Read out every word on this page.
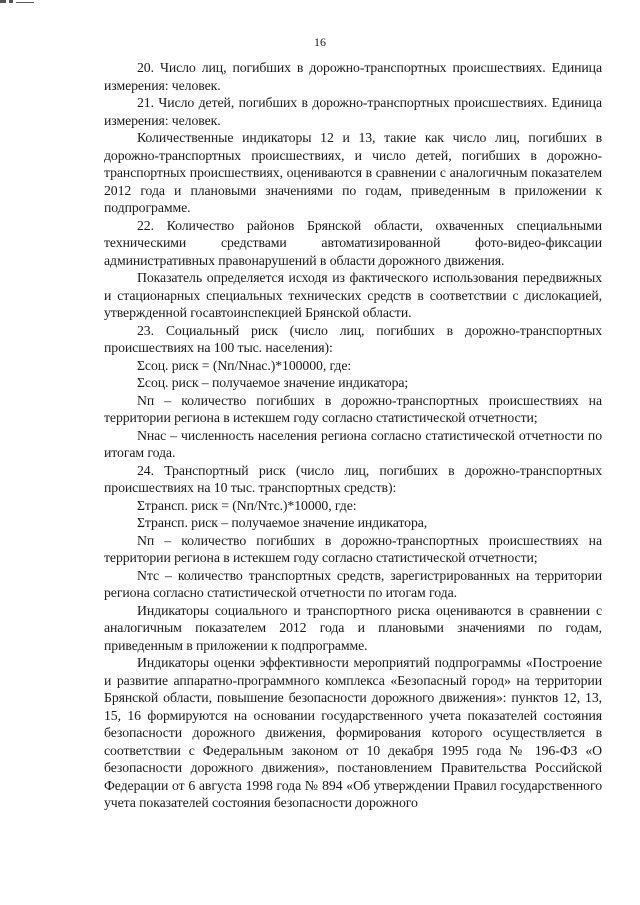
16

20. Число лиц, погибших в дорожно-транспортных происшествиях. Единица измерения: человек.

21. Число детей, погибших в дорожно-транспортных происшествиях. Единица измерения: человек.

Количественные индикаторы 12 и 13, такие как число лиц, погибших в дорожно-транспортных происшествиях, и число детей, погибших в дорожно-транспортных происшествиях, оцениваются в сравнении с аналогичным показателем 2012 года и плановыми значениями по годам, приведенным в приложении к подпрограмме.

22. Количество районов Брянской области, охваченных специальными техническими средствами автоматизированной фото-видео-фиксации административных правонарушений в области дорожного движения.

Показатель определяется исходя из фактического использования передвижных и стационарных специальных технических средств в соответствии с дислокацией, утвержденной госавтоинспекцией Брянской области.

23. Социальный риск (число лиц, погибших в дорожно-транспортных происшествиях на 100 тыс. населения):

Σсоц. риск = (Nп/Nнас.)*100000, где:

Σсоц. риск – получаемое значение индикатора;

Nп – количество погибших в дорожно-транспортных происшествиях на территории региона в истекшем году согласно статистической отчетности;

Nнас – численность населения региона согласно статистической отчетности по итогам года.

24. Транспортный риск (число лиц, погибших в дорожно-транспортных происшествиях на 10 тыс. транспортных средств):

Σтрансп. риск = (Nп/Nтс.)*10000, где:

Σтрансп. риск – получаемое значение индикатора,

Nп – количество погибших в дорожно-транспортных происшествиях на территории региона в истекшем году согласно статистической отчетности;

Nтс – количество транспортных средств, зарегистрированных на территории региона согласно статистической отчетности по итогам года.

Индикаторы социального и транспортного риска оцениваются в сравнении с аналогичным показателем 2012 года и плановыми значениями по годам, приведенным в приложении к подпрограмме.

Индикаторы оценки эффективности мероприятий подпрограммы «Построение и развитие аппаратно-программного комплекса «Безопасный город» на территории Брянской области, повышение безопасности дорожного движения»: пунктов 12, 13, 15, 16 формируются на основании государственного учета показателей состояния безопасности дорожного движения, формирования которого осуществляется в соответствии с Федеральным законом от 10 декабря 1995 года № 196-ФЗ «О безопасности дорожного движения», постановлением Правительства Российской Федерации от 6 августа 1998 года № 894 «Об утверждении Правил государственного учета показателей состояния безопасности дорожного
